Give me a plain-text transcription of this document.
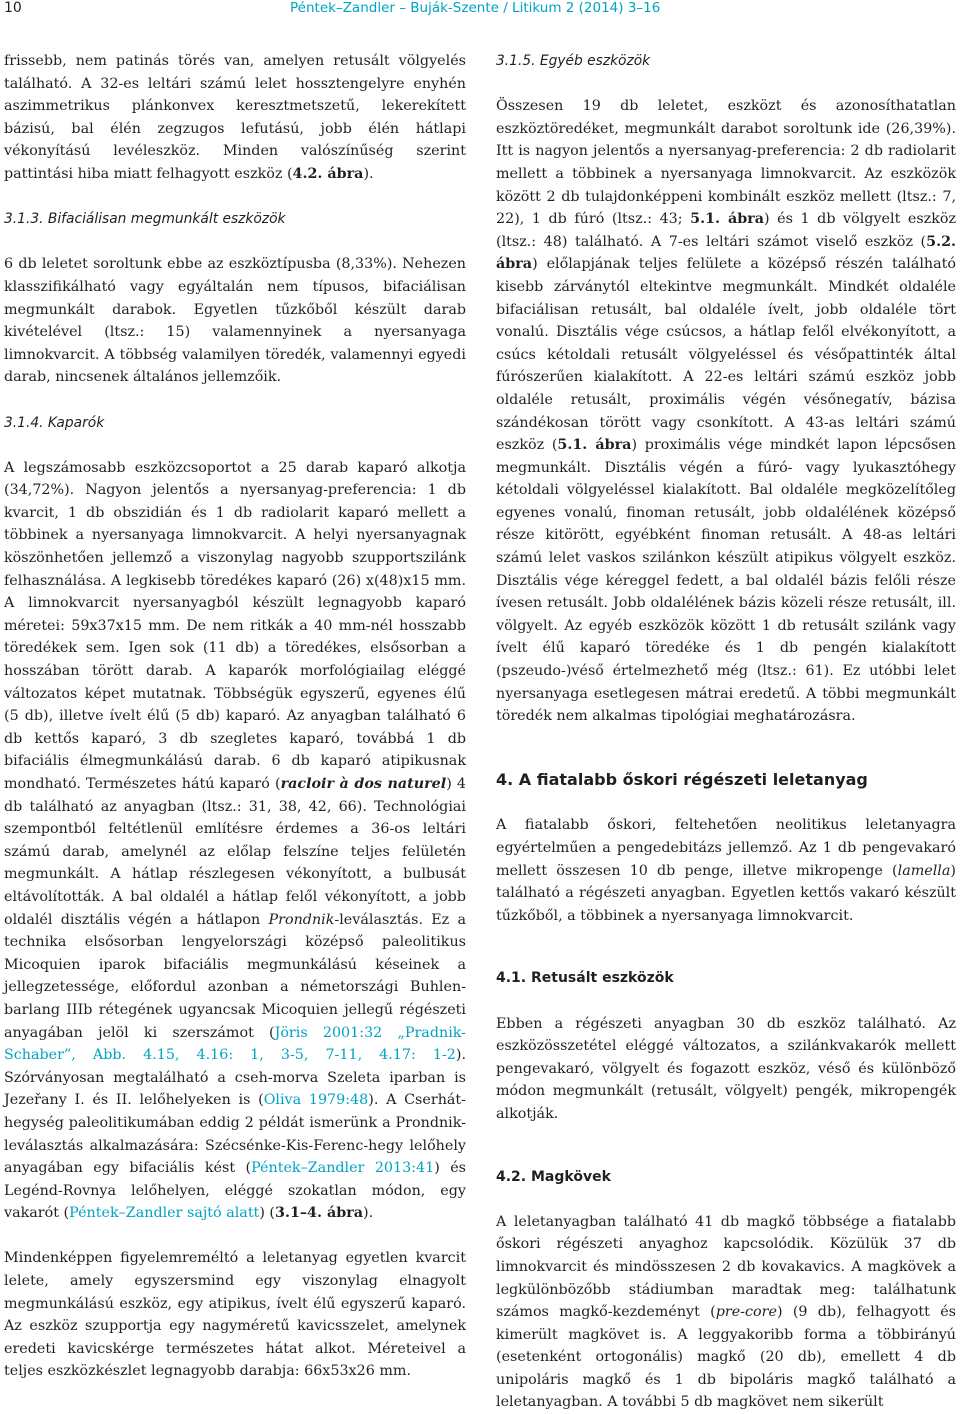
10	Péntek–Zandler – Buják-Szente / Litikum 2 (2014) 3–16

frissebb, nem patinás törés van, amelyen retusált völgyelés található. A 32-es leltári számú lelet hossztengelyre enyhén aszimmetrikus plánkonvex keresztmetszetű, lekerekített bázisú, bal élén zegzugos lefutású, jobb élén hátlapi vékonyítású levéleszköz. Minden valószínűség szerint pattintási hiba miatt felhagyott eszköz (4.2. ábra).

3.1.3. Bifaciálisan megmunkált eszközök

6 db leletet soroltunk ebbe az eszköztípusba (8,33%). Nehezen klasszifikálható vagy egyáltalán nem típusos, bifaciálisan megmunkált darabok. Egyetlen tűzkőből készült darab kivételével (ltsz.: 15) valamennyinek a nyersanyaga limnokvarcit. A többség valamilyen töredék, valamennyi egyedi darab, nincsenek általános jellemzőik.

3.1.4. Kaparók

A legszámosabb eszközcsoportot a 25 darab kaparó alkotja (34,72%). Nagyon jelentős a nyersanyag-preferencia: 1 db kvarcit, 1 db obszidián és 1 db radiolarit kaparó mellett a többinek a nyersanyaga limnokvarcit. A helyi nyersanyagnak köszönhetően jellemző a viszonylag nagyobb szupportszilánk felhasználása. A legkisebb töredékes kaparó (26) x(48)x15 mm. A limnokvarcit nyersanyagból készült legnagyobb kaparó méretei: 59x37x15 mm. De nem ritkák a 40 mm-nél hosszabb töredékek sem. Igen sok (11 db) a töredékes, elsősorban a hosszában törött darab. A kaparók morfológiailag eléggé változatos képet mutatnak. Többségük egyszerű, egyenes élű (5 db), illetve ívelt élű (5 db) kaparó. Az anyagban található 6 db kettős kaparó, 3 db szegletes kaparó, továbbá 1 db bifaciális élmegmunkálású darab. 6 db kaparó atipikusnak mondható. Természetes hátú kaparó (racloir à dos naturel) 4 db található az anyagban (ltsz.: 31, 38, 42, 66). Technológiai szempontból feltétlenül említésre érdemes a 36-os leltári számú darab, amelynél az előlap felszíne teljes felületén megmunkált. A hátlap részlegesen vékonyított, a bulbusát eltávolították. A bal oldalél a hátlap felől vékonyított, a jobb oldalél disztális végén a hátlapon Prondnik-leválasztás. Ez a technika elsősorban lengyelországi középső paleolitikus Micoquien iparok bifaciális megmunkálású késeinek a jellegzetessége, előfordul azonban a németországi Buhlen-barlang IIIb rétegének ugyancsak Micoquien jellegű régészeti anyagában jelöl ki szerszámot (Jöris 2001:32 „Pradnik-Schaber”, Abb. 4.15, 4.16: 1, 3-5, 7-11, 4.17: 1-2). Szórványosan megtalálható a cseh-morva Szeleta iparban is Jezeřany I. és II. lelőhelyeken is (Oliva 1979:48). A Cserhát-hegység paleolitikumában eddig 2 példát ismerünk a Prondnik-leválasztás alkalmazására: Szécsénke-Kis-Ferenc-hegy lelőhely anyagában egy bifaciális kést (Péntek–Zandler 2013:41) és Legénd-Rovnya lelőhelyen, eléggé szokatlan módon, egy vakarót (Péntek–Zandler sajtó alatt) (3.1–4. ábra).

Mindenképpen figyelemreméltó a leletanyag egyetlen kvarcit lelete, amely egyszersmind egy viszonylag elnagyolt megmunkálású eszköz, egy atipikus, ívelt élű egyszerű kaparó. Az eszköz szupportja egy nagyméretű kavicsszelet, amelynek eredeti kavicskérge természetes hátat alkot. Méreteivel a teljes eszközkészlet legnagyobb darabja: 66x53x26 mm.

3.1.5. Egyéb eszközök

Összesen 19 db leletet, eszközt és azonosíthatatlan eszköztöredéket, megmunkált darabot soroltunk ide (26,39%). Itt is nagyon jelentős a nyersanyag-preferencia: 2 db radiolarit mellett a többinek a nyersanyaga limnokvarcit. Az eszközök között 2 db tulajdonképpeni kombinált eszköz mellett (ltsz.: 7, 22), 1 db fúró (ltsz.: 43; 5.1. ábra) és 1 db völgyelt eszköz (ltsz.: 48) található. A 7-es leltári számot viselő eszköz (5.2. ábra) előlapjának teljes felülete a középső részén található kisebb zárványtól eltekintve megmunkált. Mindkét oldaléle bifaciálisan retusált, bal oldaléle ívelt, jobb oldaléle tört vonalú. Disztális vége csúcsos, a hátlap felől elvékonyított, a csúcs kétoldali retusált völgyeléssel és vésőpattinték által fúrószerűen kialakított. A 22-es leltári számú eszköz jobb oldaléle retusált, proximális végén vésőnegatív, bázisa szándékosan törött vagy csonkított. A 43-as leltári számú eszköz (5.1. ábra) proximális vége mindkét lapon lépcsősen megmunkált. Disztális végén a fúró- vagy lyukasztóhegy kétoldali völgyeléssel kialakított. Bal oldaléle megközelítőleg egyenes vonalú, finoman retusált, jobb oldalélének középső része kitörött, egyébként finoman retusált. A 48-as leltári számú lelet vaskos szilánkon készült atipikus völgyelt eszköz. Disztális vége kéreggel fedett, a bal oldalél bázis felőli része ívesen retusált. Jobb oldalélének bázis közeli része retusált, ill. völgyelt. Az egyéb eszközök között 1 db retusált szilánk vagy ívelt élű kaparó töredéke és 1 db pengén kialakított (pszeudo-)véső értelmezhető még (ltsz.: 61). Ez utóbbi lelet nyersanyaga esetlegesen mátrai eredetű. A többi megmunkált töredék nem alkalmas tipológiai meghatározásra.

4. A fiatalabb őskori régészeti leletanyag

A fiatalabb őskori, feltehetően neolitikus leletanyagra egyértelműen a pengedebitázs jellemző. Az 1 db pengevakaró mellett összesen 10 db penge, illetve mikropenge (lamella) található a régészeti anyagban. Egyetlen kettős vakaró készült tűzkőből, a többinek a nyersanyaga limnokvarcit.

4.1. Retusált eszközök

Ebben a régészeti anyagban 30 db eszköz található. Az eszközösszetétel eléggé változatos, a szilánkvakarók mellett pengevakaró, völgyelt és fogazott eszköz, véső és különböző módon megmunkált (retusált, völgyelt) pengék, mikropengék alkotják.

4.2. Magkövek

A leletanyagban található 41 db magkő többsége a fiatalabb őskori régészeti anyaghoz kapcsolódik. Közülük 37 db limnokvarcit és mindösszesen 2 db kovakavics. A magkövek a legkülönbözőbb stádiumban maradtak meg: találhatunk számos magkő-kezdeményt (pre-core) (9 db), felhagyott és kimerült magkövet is. A leggyakoribb forma a többirányú (esetenként ortogonális) magkő (20 db), emellett 4 db unipoláris magkő és 1 db bipoláris magkő található a leletanyagban. A további 5 db magkövet nem sikerült
